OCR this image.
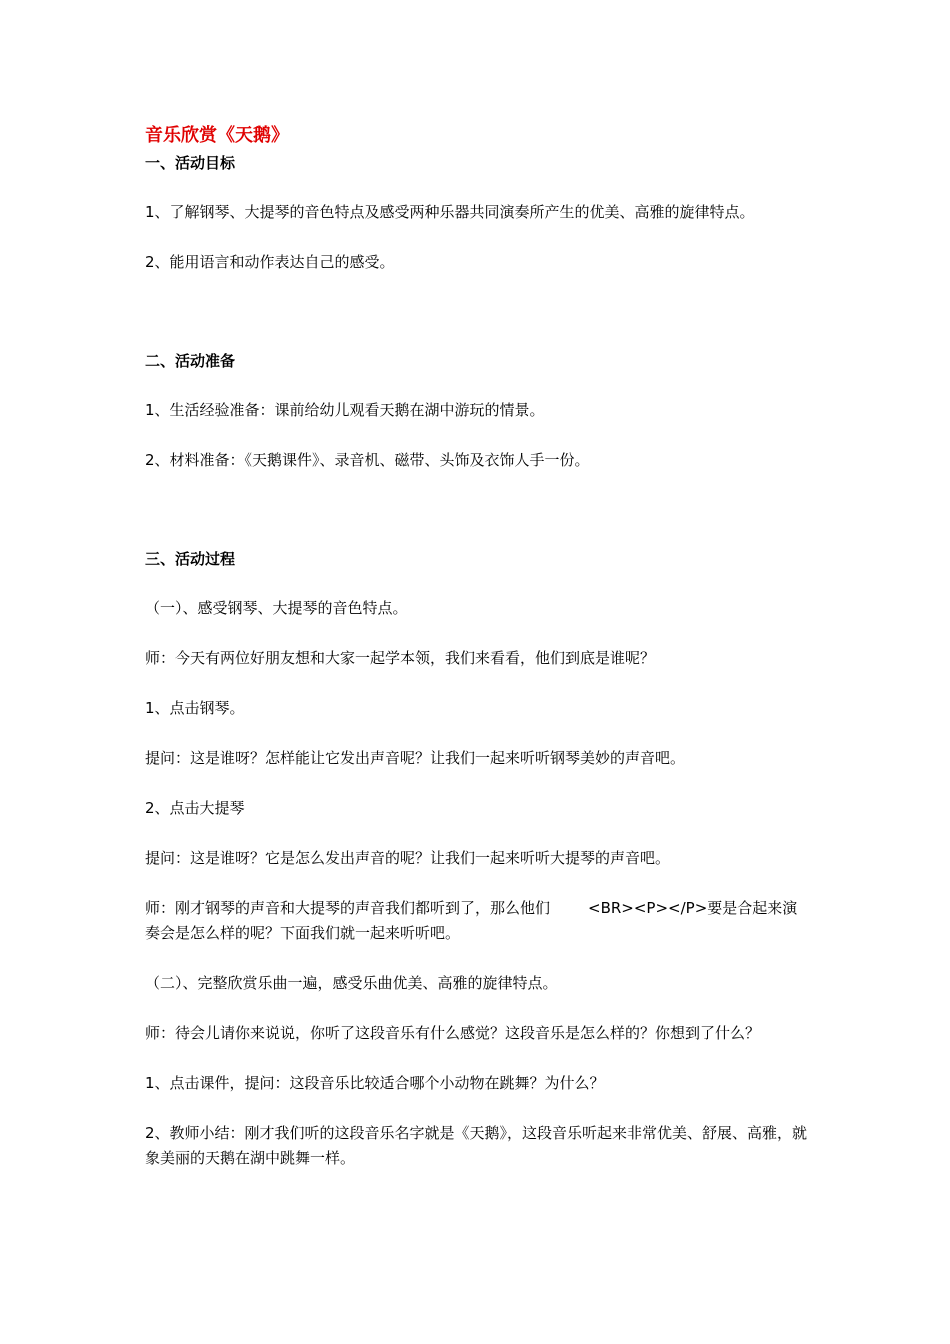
音乐欣赏《天鹅》

一、活动目标

1、了解钢琴、大提琴的音色特点及感受两种乐器共同演奏所产生的优美、高雅的旋律特点。

2、能用语言和动作表达自己的感受。

二、活动准备

1、生活经验准备：课前给幼儿观看天鹅在湖中游玩的情景。

2、材料准备：《天鹅课件》、录音机、磁带、头饰及衣饰人手一份。

三、活动过程

（一）、感受钢琴、大提琴的音色特点。

师：今天有两位好朋友想和大家一起学本领，我们来看看，他们到底是谁呢？

1、点击钢琴。

提问：这是谁呀？怎样能让它发出声音呢？让我们一起来听听钢琴美妙的声音吧。

2、点击大提琴

提问：这是谁呀？它是怎么发出声音的呢？让我们一起来听听大提琴的声音吧。

师：刚才钢琴的声音和大提琴的声音我们都听到了，那么他们	<BR><P></P>要是合起来演奏会是怎么样的呢？下面我们就一起来听听吧。

（二）、完整欣赏乐曲一遍，感受乐曲优美、高雅的旋律特点。

师：待会儿请你来说说，你听了这段音乐有什么感觉？这段音乐是怎么样的？你想到了什么？

1、点击课件，提问：这段音乐比较适合哪个小动物在跳舞？为什么？

2、教师小结：刚才我们听的这段音乐名字就是《天鹅》，这段音乐听起来非常优美、舒展、高雅，就象美丽的天鹅在湖中跳舞一样。
